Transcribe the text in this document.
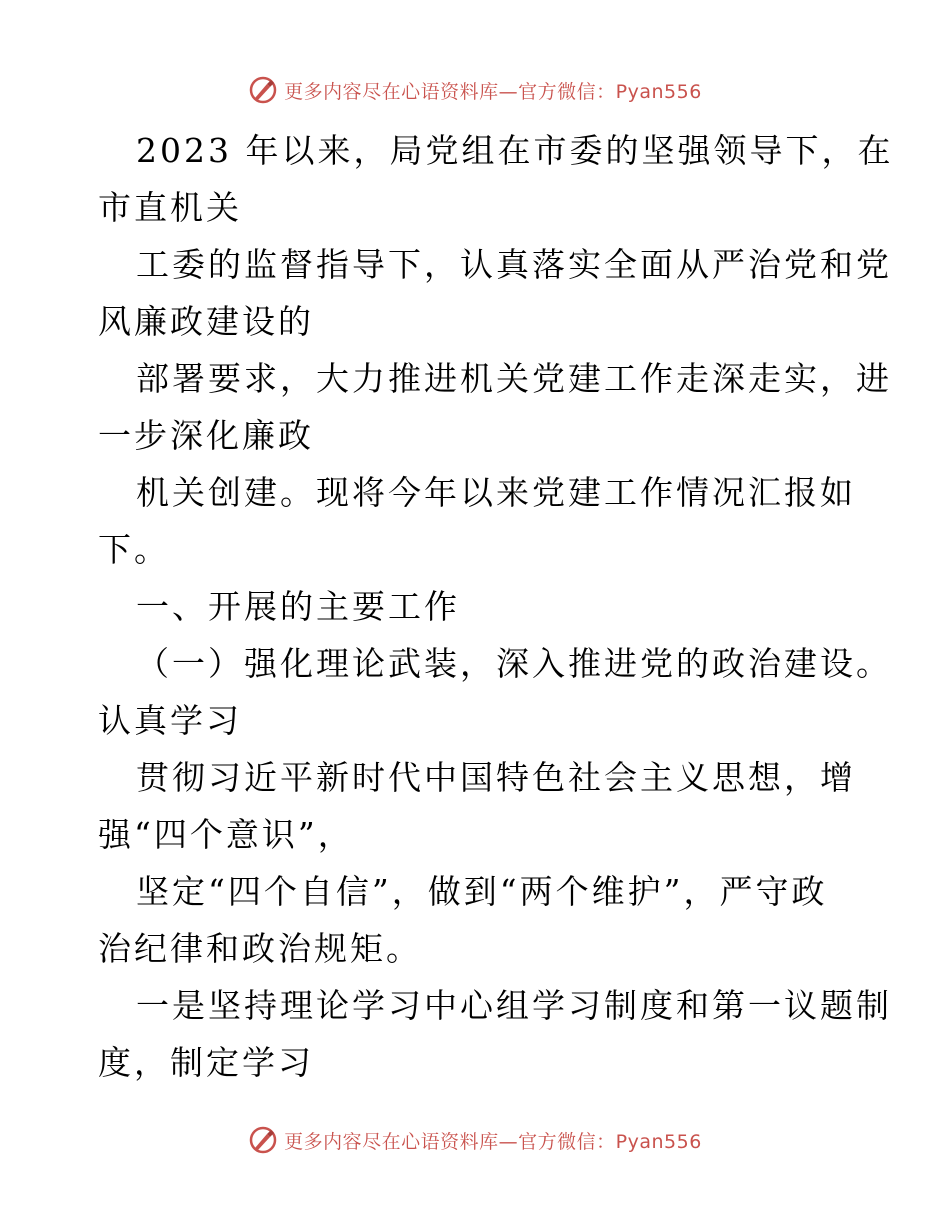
更多内容尽在心语资料库—官方微信：Pyan556

2023 年以来，局党组在市委的坚强领导下，在

市直机关

工委的监督指导下，认真落实全面从严治党和党

风廉政建设的

部署要求，大力推进机关党建工作走深走实，进

一步深化廉政

机关创建。现将今年以来党建工作情况汇报如

下。

一、开展的主要工作

（一）强化理论武装，深入推进党的政治建设。

认真学习

贯彻习近平新时代中国特色社会主义思想，增

强“四个意识”，

坚定“四个自信”，做到“两个维护”，严守政

治纪律和政治规矩。

一是坚持理论学习中心组学习制度和第一议题制

度，制定学习

更多内容尽在心语资料库—官方微信：Pyan556
